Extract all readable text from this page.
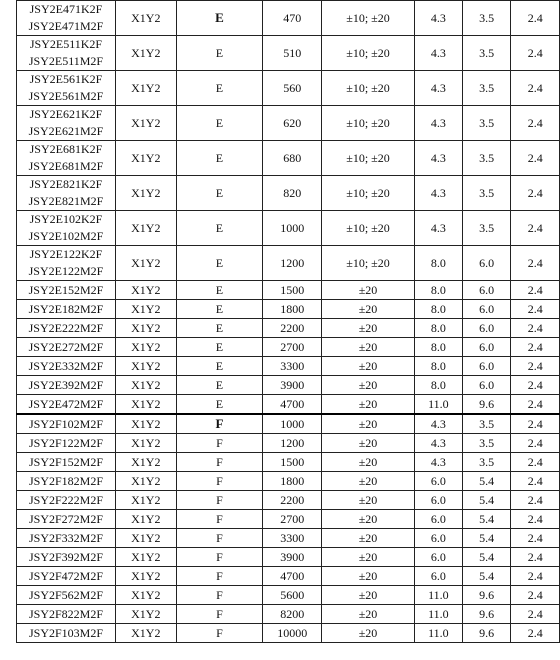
JSY2E471K2F
JSY2E471M2F	X1Y2	E	470	±10; ±20	4.3	3.5	2.4

JSY2E511K2F
JSY2E511M2F	X1Y2	E	510	±10; ±20	4.3	3.5	2.4

JSY2E561K2F
JSY2E561M2F	X1Y2	E	560	±10; ±20	4.3	3.5	2.4

JSY2E621K2F
JSY2E621M2F	X1Y2	E	620	±10; ±20	4.3	3.5	2.4

JSY2E681K2F
JSY2E681M2F	X1Y2	E	680	±10; ±20	4.3	3.5	2.4

JSY2E821K2F
JSY2E821M2F	X1Y2	E	820	±10; ±20	4.3	3.5	2.4

JSY2E102K2F
JSY2E102M2F	X1Y2	E	1000	±10; ±20	4.3	3.5	2.4

JSY2E122K2F
JSY2E122M2F	X1Y2	E	1200	±10; ±20	8.0	6.0	2.4

JSY2E152M2F	X1Y2	E	1500	±20	8.0	6.0	2.4

JSY2E182M2F	X1Y2	E	1800	±20	8.0	6.0	2.4

JSY2E222M2F	X1Y2	E	2200	±20	8.0	6.0	2.4

JSY2E272M2F	X1Y2	E	2700	±20	8.0	6.0	2.4

JSY2E332M2F	X1Y2	E	3300	±20	8.0	6.0	2.4

JSY2E392M2F	X1Y2	E	3900	±20	8.0	6.0	2.4

JSY2E472M2F	X1Y2	E	4700	±20	11.0	9.6	2.4

JSY2F102M2F	X1Y2	F	1000	±20	4.3	3.5	2.4

JSY2F122M2F	X1Y2	F	1200	±20	4.3	3.5	2.4

JSY2F152M2F	X1Y2	F	1500	±20	4.3	3.5	2.4

JSY2F182M2F	X1Y2	F	1800	±20	6.0	5.4	2.4

JSY2F222M2F	X1Y2	F	2200	±20	6.0	5.4	2.4

JSY2F272M2F	X1Y2	F	2700	±20	6.0	5.4	2.4

JSY2F332M2F	X1Y2	F	3300	±20	6.0	5.4	2.4

JSY2F392M2F	X1Y2	F	3900	±20	6.0	5.4	2.4

JSY2F472M2F	X1Y2	F	4700	±20	6.0	5.4	2.4

JSY2F562M2F	X1Y2	F	5600	±20	11.0	9.6	2.4

JSY2F822M2F	X1Y2	F	8200	±20	11.0	9.6	2.4

JSY2F103M2F	X1Y2	F	10000	±20	11.0	9.6	2.4
